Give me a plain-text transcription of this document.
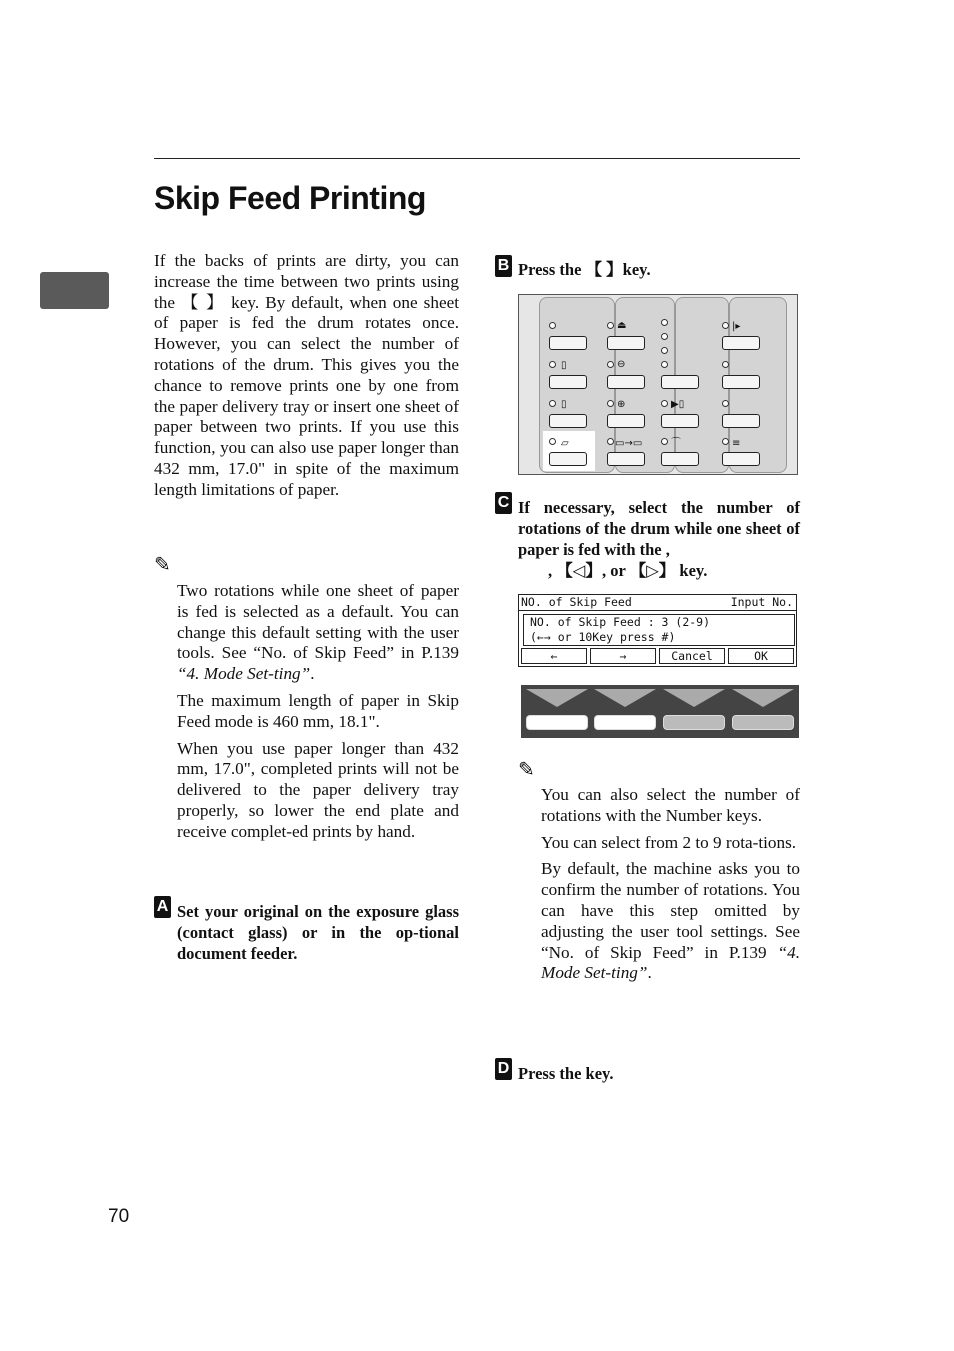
Skip Feed Printing

If the backs of prints are dirty, you can increase the time between two prints using the 【 】 key. By default, when one sheet of paper is fed the drum rotates once. However, you can select the number of rotations of the drum. This gives you the chance to remove prints one by one from the paper delivery tray or insert one sheet of paper between two prints. If you use this function, you can also use paper longer than 432 mm, 17.0" in spite of the maximum length limitations of paper.

✎

Two rotations while one sheet of paper is fed is selected as a default. You can change this default setting with the user tools. See “No. of Skip Feed” in P.139 “4. Mode Set-ting”.

The maximum length of paper in Skip Feed mode is 460 mm, 18.1".

When you use paper longer than 432 mm, 17.0", completed prints will not be delivered to the paper delivery tray properly, so lower the end plate and receive complet-ed prints by hand.

A Set your original on the exposure glass (contact glass) or in the op-tional document feeder.
B Press the 【 】key.
▯
▯
▱
⏏
⊖
⊕
▭→▭
▶▯
⌒
|▸
≡
C If necessary, select the number of rotations of the drum while one sheet of paper is fed with the ,
, 【◁】, or 【▷】 key.
NO. of Skip Feed	Input No.
NO. of Skip Feed : 3 (2-9)
(←→ or 10Key press #)
←	→	Cancel	OK
✎

You can also select the number of rotations with the Number keys.

You can select from 2 to 9 rota-tions.

By default, the machine asks you to confirm the number of rotations. You can have this step omitted by adjusting the user tool settings. See “No. of Skip Feed” in P.139 “4. Mode Set-ting”.

D Press the key.
70
